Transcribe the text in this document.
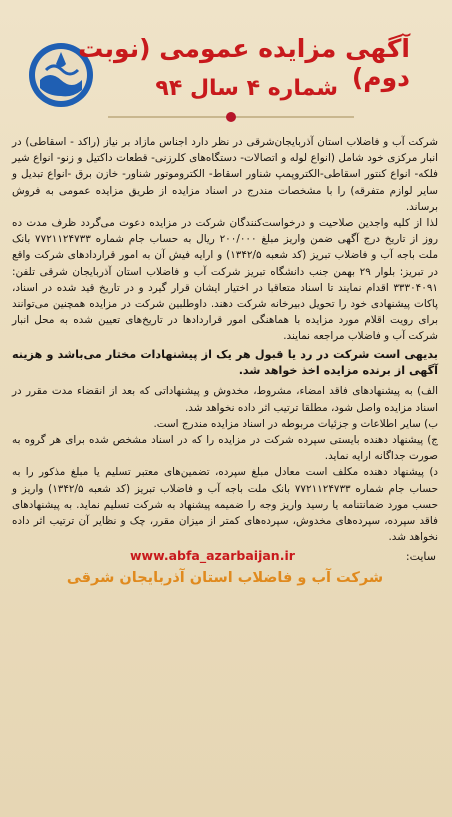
آگهی مزایده عمومی (نوبت دوم)
شماره ۴ سال ۹۴

شرکت آب و فاضلاب استان آذربایجان‌شرقی در نظر دارد اجناس مازاد بر نیاز (راکد - اسقاطی) در انبار مرکزی خود شامل (انواع لوله و اتصالات- دستگاه‌های کلرزنی- قطعات داکتیل و زنو- انواع شیر فلکه- انواع کنتور اسقاطی-الکتروپمپ شناور اسقاط- الکتروموتور شناور- خازن برق -انواع تبدیل و سایر لوازم متفرقه) را با مشخصات مندرج در اسناد مزایده از طریق مزایده عمومی به فروش برساند.

لذا از کلیه واجدین صلاحیت و درخواست‌کنندگان شرکت در مزایده دعوت می‌گردد ظرف مدت ده روز از تاریخ درج آگهی ضمن واریز مبلغ ۲۰۰/۰۰۰ ریال به حساب جام شماره ۷۷۲۱۱۲۴۷۳۳ بانک ملت باجه آب و فاضلاب تبریز (کد شعبه ۱۳۴۲/۵) و ارایه فیش آن به امور قراردادهای شرکت واقع در تبریز: بلوار ۲۹ بهمن جنب دانشگاه تبریز شرکت آب و فاضلاب استان آذربایجان شرقی تلفن: ۳۳۳۰۴۰۹۱ اقدام نمایند تا اسناد متعاقبا در اختیار ایشان قرار گیرد و در تاریخ قید شده در اسناد، پاکات پیشنهادی خود را تحویل دبیرخانه شرکت دهند. داوطلبین شرکت در مزایده همچنین می‌توانند برای رویت اقلام مورد مزایده با هماهنگی امور قراردادها در تاریخ‌های تعیین شده به محل انبار شرکت آب و فاضلاب مراجعه نمایند.

بدیهی است شرکت در رد یا قبول هر یک از پیشنهادات مختار می‌باشد و هزینه آگهی از برنده مزایده اخذ خواهد شد.

الف) به پیشنهادهای فاقد امضاء، مشروط، مخدوش و پیشنهاداتی که بعد از انقضاء مدت مقرر در اسناد مزایده واصل شود، مطلقا ترتیب اثر داده نخواهد شد.

ب) سایر اطلاعات و جزئیات مربوطه در اسناد مزایده مندرج است.

ج) پیشنهاد دهنده بایستی سپرده شرکت در مزایده را که در اسناد مشخص شده برای هر گروه به صورت جداگانه ارایه نماید.

د) پیشنهاد دهنده مکلف است معادل مبلغ سپرده، تضمین‌های معتبر تسلیم یا مبلغ مذکور را به حساب جام شماره ۷۷۲۱۱۲۴۷۳۳ بانک ملت باجه آب و فاضلاب تبریز (کد شعبه ۱۳۴۲/۵) واریز و حسب مورد ضمانتنامه یا رسید واریز وجه را ضمیمه پیشنهاد به شرکت تسلیم نماید. به پیشنهادهای فاقد سپرده، سپرده‌های مخدوش، سپرده‌های کمتر از میزان مقرر، چک و نظایر آن ترتیب اثر داده نخواهد شد.

سایت:
www.abfa_azarbaijan.ir
شرکت آب و فاضلاب استان آذربایجان شرقی
